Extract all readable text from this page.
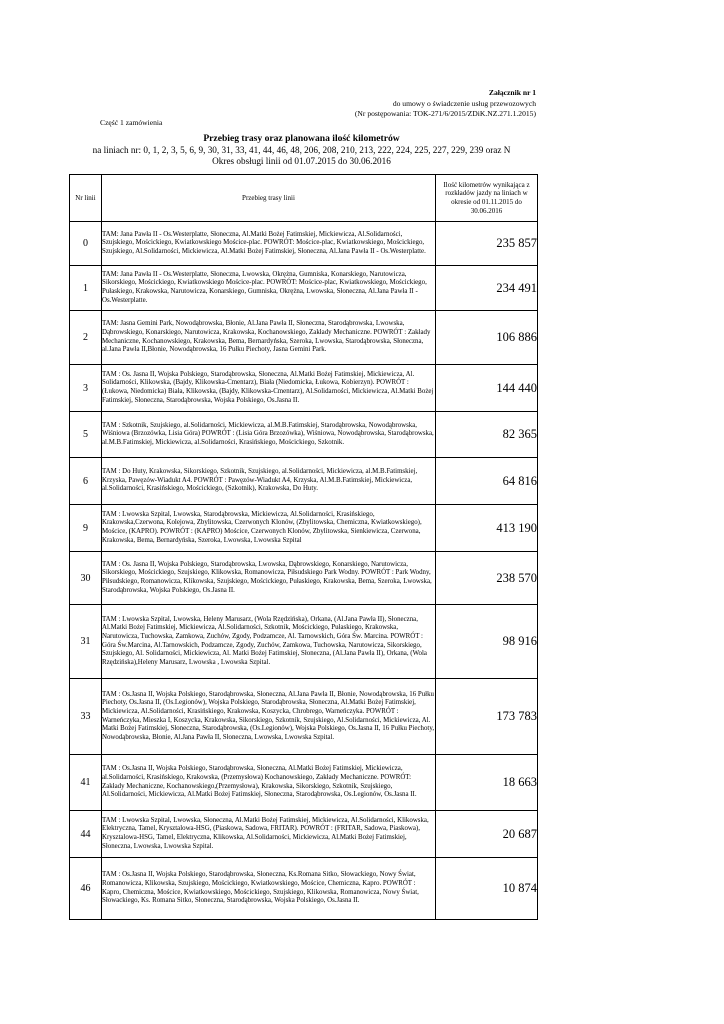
Załącznik nr 1
do umowy o świadczenie usług przewozowych
(Nr postępowania: TOK-271/6/2015/ZDiK.NZ.271.1.2015)
Część 1 zamówienia
Przebieg trasy oraz planowana ilość kilometrów
na liniach nr: 0, 1, 2, 3, 5, 6, 9, 30, 31, 33, 41, 44, 46, 48, 206, 208, 210, 213, 222, 224, 225, 227, 229, 239 oraz N
Okres obsługi linii od 01.07.2015 do 30.06.2016
Nr linii	Przebieg trasy linii	Ilość kilometrów wynikająca z rozkładów jazdy na liniach w okresie od 01.11.2015 do 30.06.2016
0	TAM: Jana Pawła II - Os.Westerplatte, Słoneczna, Al.Matki Bożej Fatimskiej, Mickiewicza, Al.Solidarności, Szujskiego, Mościckiego, Kwiatkowskiego Mościce-plac. POWRÓT: Mościce-plac, Kwiatkowskiego, Mościckiego, Szujskiego, Al.Solidarności, Mickiewicza, Al.Matki Bożej Fatimskiej, Słoneczna, Al.Jana Pawła II - Os.Westerplatte.	235 857
1	TAM: Jana Pawła II - Os.Westerplatte, Słoneczna, Lwowska, Okrężna, Gumniska, Konarskiego, Narutowicza, Sikorskiego, Mościckiego, Kwiatkowskiego Mościce-plac. POWRÓT: Mościce-plac, Kwiatkowskiego, Mościckiego, Pułaskiego, Krakowska, Narutowicza, Konarskiego, Gumniska, Okrężna, Lwowska, Słoneczna, Al.Jana Pawła II - Os.Westerplatte.	234 491
2	TAM: Jasna Gemini Park, Nowodąbrowska, Błonie, Al.Jana Pawła II, Słoneczna, Starodąbrowska, Lwowska, Dąbrowskiego, Konarskiego, Narutowicza, Krakowska, Kochanowskiego, Zakłady Mechaniczne. POWRÓT : Zakłady Mechaniczne, Kochanowskiego, Krakowska, Bema, Bernardyńska, Szeroka, Lwowska, Starodąbrowska, Słoneczna, al.Jana Pawła II,Błonie, Nowodąbrowska, 16 Pułku Piechoty, Jasna Gemini Park.	106 886
3	TAM : Os. Jasna II, Wojska Polskiego, Starodąbrowska, Słoneczna, Al.Matki Bożej Fatimskiej, Mickiewicza, Al. Solidarności, Klikowska, (Bajdy, Klikowska-Cmentarz), Biała (Niedomicka, Łukowa, Kobierzyn). POWRÓT : (Łukowa, Niedomicka) Biała, Klikowska, (Bajdy, Klikowska-Cmentarz), Al.Solidarności, Mickiewicza, Al.Matki Bożej Fatimskiej, Słoneczna, Starodąbrowska, Wojska Polskiego, Os.Jasna II.	144 440
5	TAM : Szkotnik, Szujskiego, al.Solidarności, Mickiewicza, al.M.B.Fatimskiej, Starodąbrowska, Nowodąbrowska, Wiśniowa (Brzozówka, Lisia Góra) POWRÓT : (Lisia Góra Brzozówka), Wiśniowa, Nowodąbrowska, Starodąbrowska, al.M.B.Fatimskiej, Mickiewicza, al.Solidarności, Krasińskiego, Mościckiego, Szkotnik.	82 365
6	TAM : Do Huty, Krakowska, Sikorskiego, Szkotnik, Szujskiego, al.Solidarności, Mickiewicza, al.M.B.Fatimskiej, Krzyska, Pawęzów-Wiadukt A4. POWRÓT : Pawęzów-Wiadukt A4, Krzyska, Al.M.B.Fatimskiej, Mickiewicza, al.Solidarności, Krasińskiego, Mościckiego, (Szkotnik), Krakowska, Do Huty.	64 816
9	TAM : Lwowska Szpital, Lwowska, Starodąbrowska, Mickiewicza, Al.Solidarności, Krasińskiego, Krakowska,Czerwona, Kolejowa, Zbylitowska, Czerwonych Klonów, (Zbylitowska, Chemiczna, Kwiatkowskiego), Mościce, (KAPRO). POWRÓT : (KAPRO) Mościce, Czerwonych Klonów, Zbylitowska, Sienkiewicza, Czerwona, Krakowska, Bema, Bernardyńska, Szeroka, Lwowska, Lwowska Szpital	413 190
30	TAM : Os. Jasna II, Wojska Polskiego, Starodąbrowska, Lwowska, Dąbrowskiego, Konarskiego, Narutowicza, Sikorskiego, Mościckiego, Szujskiego, Klikowska, Romanowicza, Piłsudskiego Park Wodny. POWRÓT : Park Wodny, Piłsudskiego, Romanowicza, Klikowska, Szujskiego, Mościckiego, Pułaskiego, Krakowska, Bema, Szeroka, Lwowska, Starodąbrowska, Wojska Polskiego, Os.Jasna II.	238 570
31	TAM : Lwowska Szpital, Lwowska, Heleny Marusarz, (Wola Rzędzińska), Orkana, (Al.Jana Pawła II), Słoneczna, Al.Matki Bożej Fatimskiej, Mickiewicza, Al.Solidarności, Szkotnik, Mościckiego, Pułaskiego, Krakowska, Narutowicza, Tuchowska, Zamkowa, Zuchów, Zgody, Podzamcze, Al. Tarnowskich, Góra Św. Marcina. POWRÓT : Góra Św.Marcina, Al.Tarnowskich, Podzamcze, Zgody, Zuchów, Zamkowa, Tuchowska, Narutowicza, Sikorskiego, Szujskiego, Al. Solidarności, Mickiewicza, Al. Matki Bożej Fatimskiej, Słoneczna, (Al.Jana Pawła II), Orkana, (Wola Rzędzińska),Heleny Marusarz, Lwowska , Lwowska Szpital.	98 916
33	TAM : Os.Jasna II, Wojska Polskiego, Starodąbrowska, Słoneczna, Al.Jana Pawła II, Błonie, Nowodąbrowska, 16 Pułku Piechoty, Os.Jasna II, (Os.Legionów), Wojska Polskiego, Starodąbrowska, Słoneczna, Al.Matki Bożej Fatimskiej, Mickiewicza, Al.Solidarności, Krasińskiego, Krakowska, Koszycka, Chrobrego, Warneńczyka. POWRÓT : Warneńczyka, Mieszka I, Koszycka, Krakowska, Sikorskiego, Szkotnik, Szujskiego, Al.Solidarności, Mickiewicza, Al. Matki Bożej Fatimskiej, Słoneczna, Starodąbrowska, (Os.Legionów), Wojska Polskiego, Os.Jasna II, 16 Pułku Piechoty, Nowodąbrowska, Błonie, Al.Jana Pawła II, Słoneczna, Lwowska, Lwowska Szpital.	173 783
41	TAM : Os.Jasna II, Wojska Polskiego, Starodąbrowska, Słoneczna, Al.Matki Bożej Fatimskiej, Mickiewicza, al.Solidarności, Krasińskiego, Krakowska, (Przemysłowa) Kochanowskiego, Zakłady Mechaniczne. POWRÓT: Zakłady Mechaniczne, Kochanowskiego,(Przemysłowa), Krakowska, Sikorskiego, Szkotnik, Szujskiego, Al.Solidarności, Mickiewicza, Al.Matki Bożej Fatimskiej, Słoneczna, Starodąbrowska, Os.Legionów, Os.Jasna II.	18 663
44	TAM : Lwowska Szpital, Lwowska, Słoneczna, Al.Matki Bożej Fatimskiej, Mickiewicza, Al.Solidarności, Klikowska, Elektryczna, Tamel, Krysztalowa-HSG, (Piaskowa, Sadowa, FRITAR). POWRÓT : (FRITAR, Sadowa, Piaskowa), Krysztalowa-HSG, Tamel, Elektryczna, Klikowska, Al.Solidarności, Mickiewicza, Al.Matki Bożej Fatimskiej, Słoneczna, Lwowska, Lwowska Szpital.	20 687
46	TAM : Os.Jasna II, Wojska Polskiego, Starodąbrowska, Słoneczna, Ks.Romana Sitko, Słowackiego, Nowy Świat, Romanowicza, Klikowska, Szujskiego, Mościckiego, Kwiatkowskiego, Mościce, Chemiczna, Kapro. POWRÓT : Kapro, Chemiczna, Mościce, Kwiatkowskiego, Mościckiego, Szujskiego, Klikowska, Romanowicza, Nowy Świat, Słowackiego, Ks. Romana Sitko, Słoneczna, Starodąbrowska, Wojska Polskiego, Os.Jasna II.	10 874
